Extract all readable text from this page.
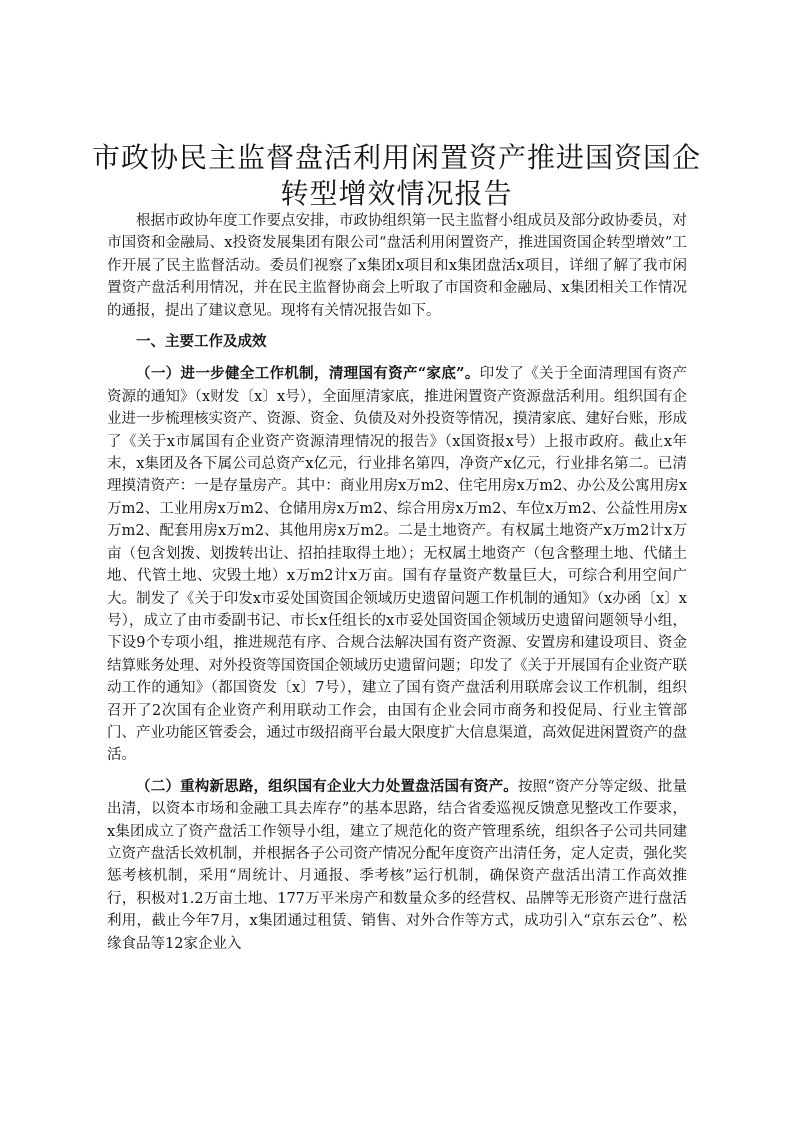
市政协民主监督盘活利用闲置资产推进国资国企转型增效情况报告

根据市政协年度工作要点安排，市政协组织第一民主监督小组成员及部分政协委员，对市国资和金融局、x投资发展集团有限公司“盘活利用闲置资产，推进国资国企转型增效”工作开展了民主监督活动。委员们视察了x集团x项目和x集团盘活x项目，详细了解了我市闲置资产盘活利用情况，并在民主监督协商会上听取了市国资和金融局、x集团相关工作情况的通报，提出了建议意见。现将有关情况报告如下。

一、主要工作及成效

（一）进一步健全工作机制，清理国有资产“家底”。印发了《关于全面清理国有资产资源的通知》（x财发〔x〕x号），全面厘清家底，推进闲置资产资源盘活利用。组织国有企业进一步梳理核实资产、资源、资金、负债及对外投资等情况，摸清家底、建好台账，形成了《关于x市属国有企业资产资源清理情况的报告》（x国资报x号）上报市政府。截止x年末，x集团及各下属公司总资产x亿元，行业排名第四，净资产x亿元，行业排名第二。已清理摸清资产：一是存量房产。其中：商业用房x万m2、住宅用房x万m2、办公及公寓用房x万m2、工业用房x万m2、仓储用房x万m2、综合用房x万m2、车位x万m2、公益性用房x万m2、配套用房x万m2、其他用房x万m2。二是土地资产。有权属土地资产x万m2计x万亩（包含划拨、划拨转出让、招拍挂取得土地）；无权属土地资产（包含整理土地、代储土地、代管土地、灾毁土地）x万m2计x万亩。国有存量资产数量巨大，可综合利用空间广大。制发了《关于印发x市妥处国资国企领域历史遗留问题工作机制的通知》（x办函〔x〕x号），成立了由市委副书记、市长x任组长的x市妥处国资国企领域历史遗留问题领导小组，下设9个专项小组，推进规范有序、合规合法解决国有资产资源、安置房和建设项目、资金结算账务处理、对外投资等国资国企领域历史遗留问题；印发了《关于开展国有企业资产联动工作的通知》（都国资发〔x〕7号），建立了国有资产盘活利用联席会议工作机制，组织召开了2次国有企业资产利用联动工作会，由国有企业会同市商务和投促局、行业主管部门、产业功能区管委会，通过市级招商平台最大限度扩大信息渠道，高效促进闲置资产的盘活。

（二）重构新思路，组织国有企业大力处置盘活国有资产。按照“资产分等定级、批量出清，以资本市场和金融工具去库存”的基本思路，结合省委巡视反馈意见整改工作要求，x集团成立了资产盘活工作领导小组，建立了规范化的资产管理系统，组织各子公司共同建立资产盘活长效机制，并根据各子公司资产情况分配年度资产出清任务，定人定责，强化奖惩考核机制，采用“周统计、月通报、季考核”运行机制，确保资产盘活出清工作高效推行，积极对1.2万亩土地、177万平米房产和数量众多的经营权、品牌等无形资产进行盘活利用，截止今年7月，x集团通过租赁、销售、对外合作等方式，成功引入“京东云仓”、松缘食品等12家企业入
